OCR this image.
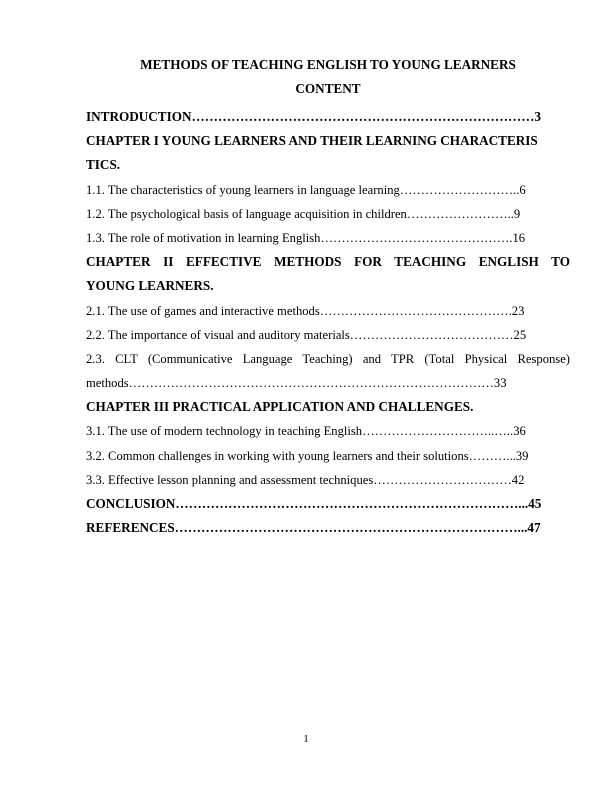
METHODS OF TEACHING ENGLISH TO YOUNG LEARNERS
CONTENT
INTRODUCTION……………………………………………………………………3
CHAPTER I YOUNG LEARNERS AND THEIR LEARNING CHARACTERIS
TICS.
1.1. The characteristics of young learners in language learning………………………..6
1.2. The psychological basis of language acquisition in children……………………..9
1.3. The role of motivation in learning English……………………………………….16
CHAPTER II EFFECTIVE METHODS FOR TEACHING ENGLISH TO
YOUNG LEARNERS.
2.1. The use of games and interactive methods……………………………………….23
2.2. The importance of visual and auditory materials…………………………………25
2.3. CLT (Communicative Language Teaching) and TPR (Total Physical Response)
methods……………………………………………………………………………33
CHAPTER III PRACTICAL APPLICATION AND CHALLENGES.
3.1. The use of modern technology in teaching English…………………………..…..36
3.2. Common challenges in working with young learners and their solutions………...39
3.3. Effective lesson planning and assessment techniques……………………………42
CONCLUSION……………………………………………………………………...45
REFERENCES……………………………………………………………………...47
1
